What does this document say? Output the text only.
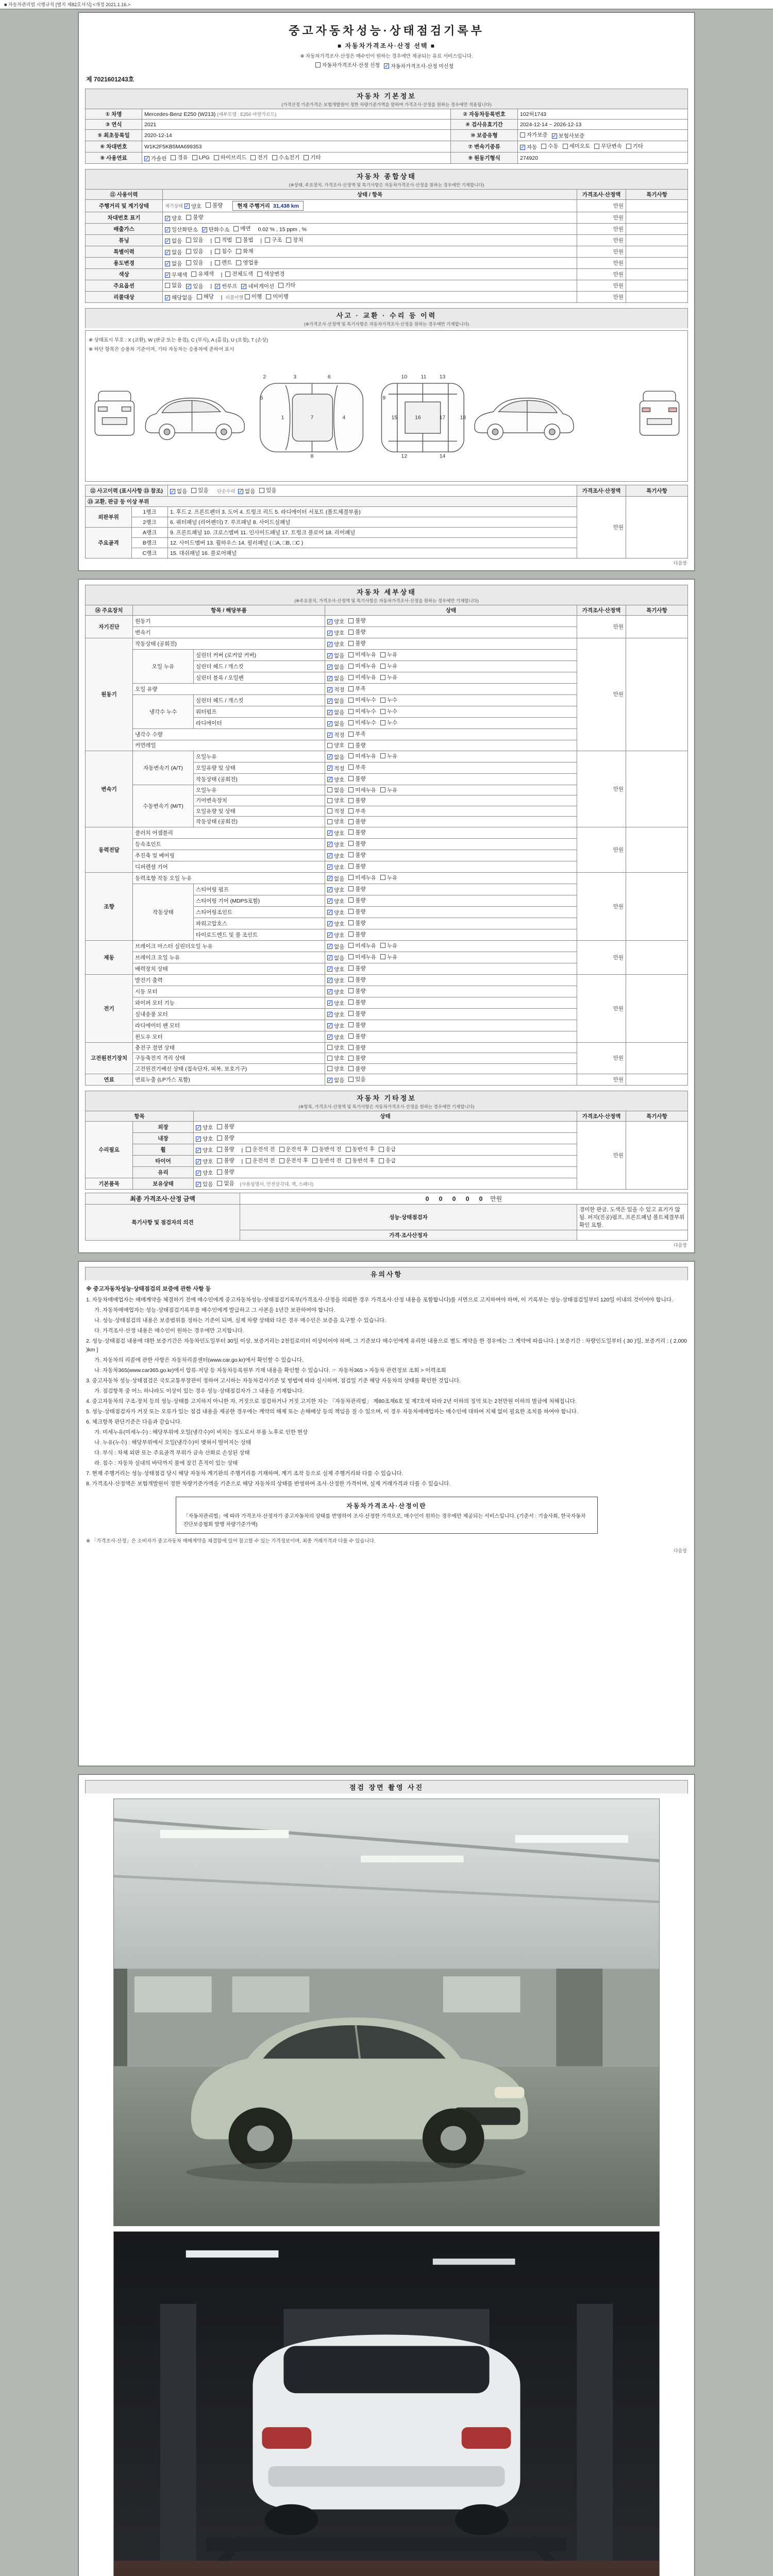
■ 자동차관리법 시행규칙 [별지 제82호서식] <개정 2021.1.16.>
중고자동차성능·상태점검기록부
■ 자동차가격조사·산정 선택 ■
※ 자동차가격조사·산정은 매수인이 원하는 경우에만 제공되는 유료 서비스입니다.
자동차가격조사·산정 신청 ✓ 자동차가격조사·산정 미신청
제 7021601243호
자동차 기본정보
(가격산정 기준가격은 보험개발원이 정한 차량기준가액을 말하며 가격조사·산정을 원하는 경우에만 적용됩니다)
① 차명	Mercedes-Benz E250 (W213) (세부모델 : E250 아방가르드)	② 자동차등록번호	102허1743
③ 연식	2021	④ 검사유효기간	2024-12-14 ~ 2026-12-13
⑤ 최초등록일	2020-12-14	⑩ 보증유형	자가보증 ✓ 보험사보증

⑥ 차대번호	W1K2F5KB5MA699353	⑦ 변속기종류	✓ 자동 수동 세미오토 무단변속 기타

⑧ 사용연료	✓ 가솔린 경유 LPG 하이브리드 전기 수소전기 기타	⑨ 원동기형식	274920
자동차 종합상태
(※상태, 주요장치, 가격조사·산정액 및 특기사항은 자동차가격조사·산정을 원하는 경우에만 기재합니다)
⑪ 사용이력	상태 / 항목	가격조사·산정액	특기사항
주행거리 및 계기상태	계기상태 ✓ 양호 불량 현재 주행거리  31,438 km	만원	
차대번호 표기	✓ 양호 불량	만원	
배출가스	✓ 일산화탄소 ✓ 탄화수소 매연 0.02 % , 15 ppm , %	만원	
튜닝	✓ 없음 있음 | 적법 불법 | 구조 장치	만원	
특별이력	✓ 없음 있음 | 침수 화재	만원	
용도변경	✓ 없음 있음 | 렌트 영업용	만원	
색상	✓ 무채색 유채색 | 전체도색 색상변경	만원	
주요옵션	없음 ✓ 있음 | ✓ 썬루프 ✓ 네비게이션 기타	만원	
리콜대상	✓ 해당없음 해당 |  리콜이행 이행 미이행	만원	
사고 · 교환 · 수리 등 이력
(※가격조사·산정액 및 특기사항은 자동차가격조사·산정을 원하는 경우에만 기재합니다)
※ 상태표시 부호 : X (교환), W (판금 또는 용접), C (부식), A (흠집), U (요철), T (손상)
※ 하단 항목은 승용차 기준이며, 기타 자동차는 승용차에 준하여 표시
2	3	6
5
1	7	4
8
9
10 11
12
13
14
15	16	17	18
⑫ 사고이력 (표시사항 ⑬ 참조)	✓ 없음 있음 단순수리 ✓ 없음 있음	가격조사·산정액	특기사항
⑬ 교환, 판금 등 이상 부위			만원	
외판부위	1랭크	1. 후드 2. 프론트펜더 3. 도어 4. 트렁크 리드 5. 라디에이터 서포트 (볼트체결부품)		
	2랭크	6. 쿼터패널 (리어펜더) 7. 루프패널 8. 사이드실패널		
주요골격	A랭크	9. 프론트패널 10. 크로스멤버 11. 인사이드패널 17. 트렁크 플로어 18. 리어패널		
	B랭크	12. 사이드멤버 13. 휠하우스 14. 필러패널 ( □A, □B, □C )		
	C랭크	15. 대쉬패널 16. 플로어패널		
다음장
자동차 세부상태
(※주요장치, 가격조사·산정액 및 특기사항은 자동차가격조사·산정을 원하는 경우에만 기재합니다)
⑭ 주요장치	항목 / 해당부품		상태	가격조사·산정액	특기사항
자기진단	원동기		✓ 양호 불량	만원	
	변속기		✓ 양호 불량		

원동기	작동상태 (공회전)		✓ 양호 불량	만원	
	오일 누유	실린더 커버 (로커암 커버)	✓ 없음 미세누유 누유		

		실린더 헤드 / 개스킷	✓ 없음 미세누유 누유		

		실린더 블록 / 오일팬	✓ 없음 미세누유 누유		

	오일 유량		✓ 적정 부족		

	냉각수 누수	실린더 헤드 / 개스킷	✓ 없음 미세누수 누수		

		워터펌프	✓ 없음 미세누수 누수		

		라디에이터	✓ 없음 미세누수 누수		

	냉각수 수량		✓ 적정 부족		

	커먼레일		양호 불량		

변속기	자동변속기 (A/T)	오일누유	✓ 없음 미세누유 누유	만원	
		오일유량 및 상태	✓ 적정 부족		

		작동상태 (공회전)	✓ 양호 불량		

	수동변속기 (M/T)	오일누유	없음 미세누유 누유		

		기어변속장치	양호 불량		

		오일유량 및 상태	적정 부족		

		작동상태 (공회전)	양호 불량		

동력전달	클러치 어셈블리		✓ 양호 불량	만원	
	등속조인트		✓ 양호 불량		

	추진축 및 베어링		✓ 양호 불량		

	디퍼렌셜 기어		✓ 양호 불량		

조향	동력조향 작동 오일 누유		✓ 없음 미세누유 누유	만원	
	작동상태	스티어링 펌프	✓ 양호 불량		

		스티어링 기어 (MDPS포함)	✓ 양호 불량		

		스티어링조인트	✓ 양호 불량		

		파워고압호스	✓ 양호 불량		

		타이로드엔드 및 볼 조인트	✓ 양호 불량		

제동	브레이크 마스터 실린더오일 누유		✓ 없음 미세누유 누유	만원	
	브레이크 오일 누유		✓ 없음 미세누유 누유		

	배력장치 상태		✓ 양호 불량		

전기	발전기 출력		✓ 양호 불량	만원	
	시동 모터		✓ 양호 불량		

	와이퍼 모터 기능		✓ 양호 불량		

	실내송풍 모터		✓ 양호 불량		

	라디에이터 팬 모터		✓ 양호 불량		

	윈도우 모터		✓ 양호 불량		

고전원전기장치	충전구 절연 상태		양호 불량	만원	
	구동축전지 격리 상태		양호 불량		

	고전원전기배선 상태 (접속단자, 피복, 보호기구)		양호 불량		

연료	연료누출 (LP가스 포함)		✓ 없음 있음	만원	
자동차 기타정보
(※항목, 가격조사·산정액 및 특기사항은 자동차가격조사·산정을 원하는 경우에만 기재합니다)
항목		상태	가격조사·산정액	특기사항
수리필요	외장	✓ 양호 불량	만원	
	내장	✓ 양호 불량		

휠	✓ 양호 불량 | 운전석 전 운전석 후 동반석 전 동반석 후 응급

타이어	✓ 양호 불량 | 운전석 전 운전석 후 동반석 전 동반석 후 응급

	유리	✓ 양호 불량		

기본품목	보유상태	✓ 있음 없음 (사용설명서, 안전삼각대, 잭, 스패너)		
최종 가격조사·산정 금액	0 0 0 0 0  만원	
특기사항 및 점검자의 의견	성능·상태점검자	경미한 판금, 도색은 있을 수 있고 표기가 않됨. 퍼지(진공)펌프, 프론트패널 볼트체결부위 확인 요함.
	가격·조사산정자	
다음장
유의사항
※ 중고자동차성능·상태점검의 보증에 관한 사항 등

1. 자동차매매업자는 매매계약을 체결하기 전에 매수인에게 중고자동차성능·상태점검기록부(가격조사·산정을 의뢰한 경우 가격조사·산정 내용을 포함합니다)를 서면으로 고지하여야 하며, 이 기록부는 성능·상태점검일부터 120일 이내의 것이어야 합니다.

가. 자동차매매업자는 성능·상태점검기록부를 매수인에게 발급하고 그 사본을 1년간 보관하여야 합니다.

나. 성능·상태점검의 내용은 보증범위를 정하는 기준이 되며, 실제 차량 상태와 다른 경우 매수인은 보증을 요구할 수 있습니다.

다. 가격조사·산정 내용은 매수인이 원하는 경우에만 고지합니다.

2. 성능·상태점검 내용에 대한 보증기간은 자동차인도일부터 30일 이상, 보증거리는 2천킬로미터 이상이어야 하며, 그 기준보다 매수인에게 유리한 내용으로 별도 계약을 한 경우에는 그 계약에 따릅니다. [ 보증기간 : 차량인도일부터 ( 30 )일, 보증거리 : ( 2,000 )km ]

가. 자동차의 리콜에 관한 사항은 자동차리콜센터(www.car.go.kr)에서 확인할 수 있습니다.

나. 자동차365(www.car365.go.kr)에서 압류·저당 등 자동차등록원부 기재 내용을 확인할 수 있습니다. ☞ 자동차365 > 자동차 관련정보 조회 > 이력조회

3. 중고자동차 성능·상태점검은 국토교통부장관이 정하여 고시하는 자동차검사기준 및 방법에 따라 실시하며, 점검일 기준 해당 자동차의 상태를 확인한 것입니다.

가. 점검항목 중 어느 하나라도 이상이 있는 경우 성능·상태점검자가 그 내용을 기재합니다.

4. 중고자동차의 구조·장치 등의 성능·상태를 고지하지 아니한 자, 거짓으로 점검하거나 거짓 고지한 자는 「자동차관리법」 제80조제6호 및 제7호에 따라 2년 이하의 징역 또는 2천만원 이하의 벌금에 처해집니다.

5. 성능·상태점검자가 거짓 또는 오류가 있는 점검 내용을 제공한 경우에는 계약의 해제 또는 손해배상 등의 책임을 질 수 있으며, 이 경우 자동차매매업자는 매수인에 대하여 지체 없이 필요한 조치를 하여야 합니다.

6. 체크항목 판단기준은 다음과 같습니다.

가. 미세누유(미세누수) : 해당부위에 오일(냉각수)이 비치는 정도로서 부품 노후로 인한 현상

나. 누유(누수) : 해당부위에서 오일(냉각수)이 맺혀서 떨어지는 상태

다. 부식 : 차체 외판 또는 주요골격 부위가 금속 산화로 손상된 상태

라. 침수 : 자동차 실내의 바닥까지 물에 잠긴 흔적이 있는 상태

7. 현재 주행거리는 성능·상태점검 당시 해당 자동차 계기판의 주행거리를 기재하며, 계기 조작 등으로 실제 주행거리와 다를 수 있습니다.

8. 가격조사·산정액은 보험개발원이 정한 차량기준가액을 기준으로 해당 자동차의 상태를 반영하여 조사·산정한 가격이며, 실제 거래가격과 다를 수 있습니다.

자동차가격조사·산정이란
「자동차관리법」에 따라 가격조사·산정자가 중고자동차의 상태를 반영하여 조사·산정한 가격으로, 매수인이 원하는 경우에만 제공되는 서비스입니다. (기준서 : 기술사회, 한국자동차진단보증협회 발행 차량기준가액)
※ 「가격조사·산정」은 소비자가 중고자동차 매매계약을 체결함에 있어 참고할 수 있는 가격정보이며, 최종 거래가격과 다를 수 있습니다.
다음장
점검 장면 촬영 사진
